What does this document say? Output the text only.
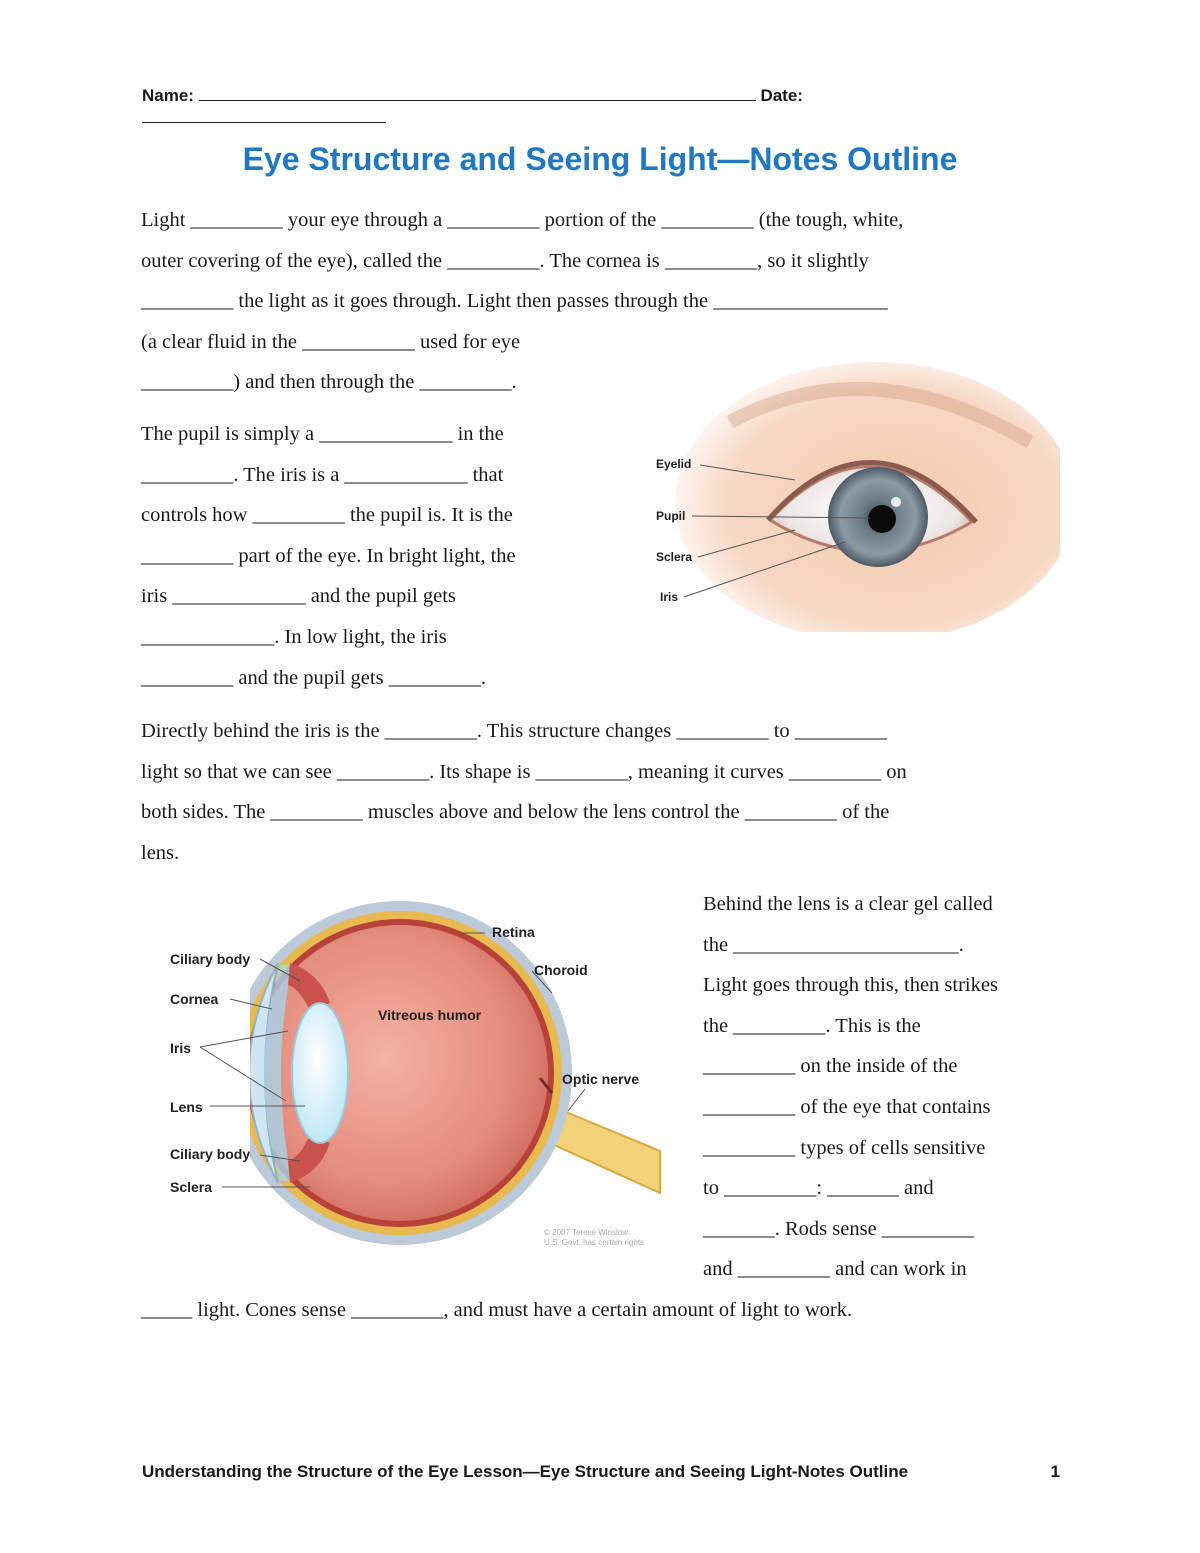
Name:	Date:
Eye Structure and Seeing Light—Notes Outline
Light _________ your eye through a _________ portion of the _________ (the tough, white,
outer covering of the eye), called the _________. The cornea is _________, so it slightly
_________ the light as it goes through. Light then passes through the _________________
(a clear fluid in the ___________ used for eye
_________) and then through the _________.
The pupil is simply a _____________ in the
_________. The iris is a ____________ that
controls how _________ the pupil is. It is the
_________ part of the eye. In bright light, the
iris _____________ and the pupil gets
_____________. In low light, the iris
_________ and the pupil gets _________.
Eyelid
Pupil
Sclera
Iris
Directly behind the iris is the _________. This structure changes _________ to _________
light so that we can see _________. Its shape is _________, meaning it curves _________ on
both sides. The _________ muscles above and below the lens control the _________ of the
lens.
Retina
Choroid
Ciliary body
Cornea
Iris
Lens
Ciliary body
Sclera
Vitreous humor
Optic nerve
© 2007 Terese Winslow
U.S. Govt. has certain rights
Behind the lens is a clear gel called
the ______________________.
Light goes through this, then strikes
the _________. This is the
_________ on the inside of the
_________ of the eye that contains
_________ types of cells sensitive
to _________: _______ and
_______. Rods sense _________
and _________ and can work in
_____ light. Cones sense _________, and must have a certain amount of light to work.
Understanding the Structure of the Eye Lesson—Eye Structure and Seeing Light-Notes Outline	1
